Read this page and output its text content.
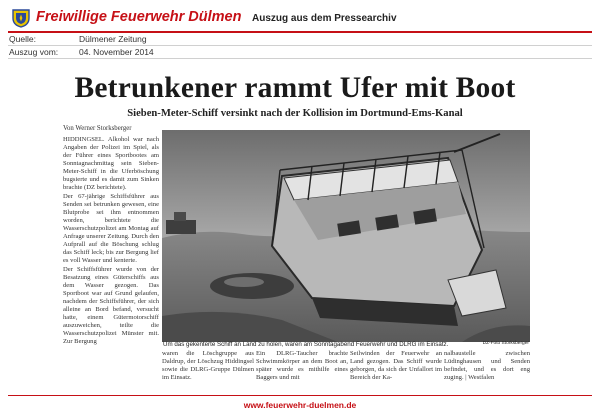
Freiwillige Feuerwehr Dülmen Auszug aus dem Pressearchiv
Quelle:	Dülmener Zeitung
Auszug vom: 04. November 2014
Betrunkener rammt Ufer mit Boot
Sieben-Meter-Schiff versinkt nach der Kollision im Dortmund-Ems-Kanal
Von Werner Storksberger

HIDDINGSEL. Alkohol war nach Angaben der Polizei im Spiel, als der Führer eines Sportbootes am Sonntagnachmittag sein Sieben-Meter-Schiff in die Uferböschung bugsierte und es damit zum Sinken brachte (DZ berichtete).

Der 67-jährige Schiffsführer aus Senden sei betrunken gewesen, eine Blutprobe sei ihm entnommen worden, berichtete die Wasserschutzpolizei am Montag auf Anfrage unserer Zeitung. Durch den Aufprall auf die Böschung schlug das Schiff leck; bis zur Bergung lief es voll Wasser und kenterte.

Der Schiffsführer wurde von der Besatzung eines Güterschiffs aus dem Wasser gezogen. Das Sportboot war auf Grund gelaufen, nachdem der Schiffsführer, der sich alleine an Bord befand, versucht hatte, einem Gütermotorschiff auszuweichen, teilte die Wasserschutzpolizei Münster mit. Zur Bergung	Um das gekenterte Schiff an Land zu holen, waren am Sonntagabend Feuerwehr und DLRG im Einsatz.	DZ-Foto Storksberger
waren die Löschgruppe aus Daldrup, der Löschzug Hiddingsel sowie die DLRG-Gruppe Dülmen im Einsatz.
Ein DLRG-Taucher brachte Schwimmkörper an dem Boot an, später wurde es mithilfe eines Baggers und mit
Seilwinden der Feuerwehr an Land gezogen. Das Schiff wurde geborgen, da sich der Unfallort im Bereich der Ka-
nalbaustelle zwischen Lüdinghausen und Senden befindet, und es dort eng zuging. | Westfalen
www.feuerwehr-duelmen.de
